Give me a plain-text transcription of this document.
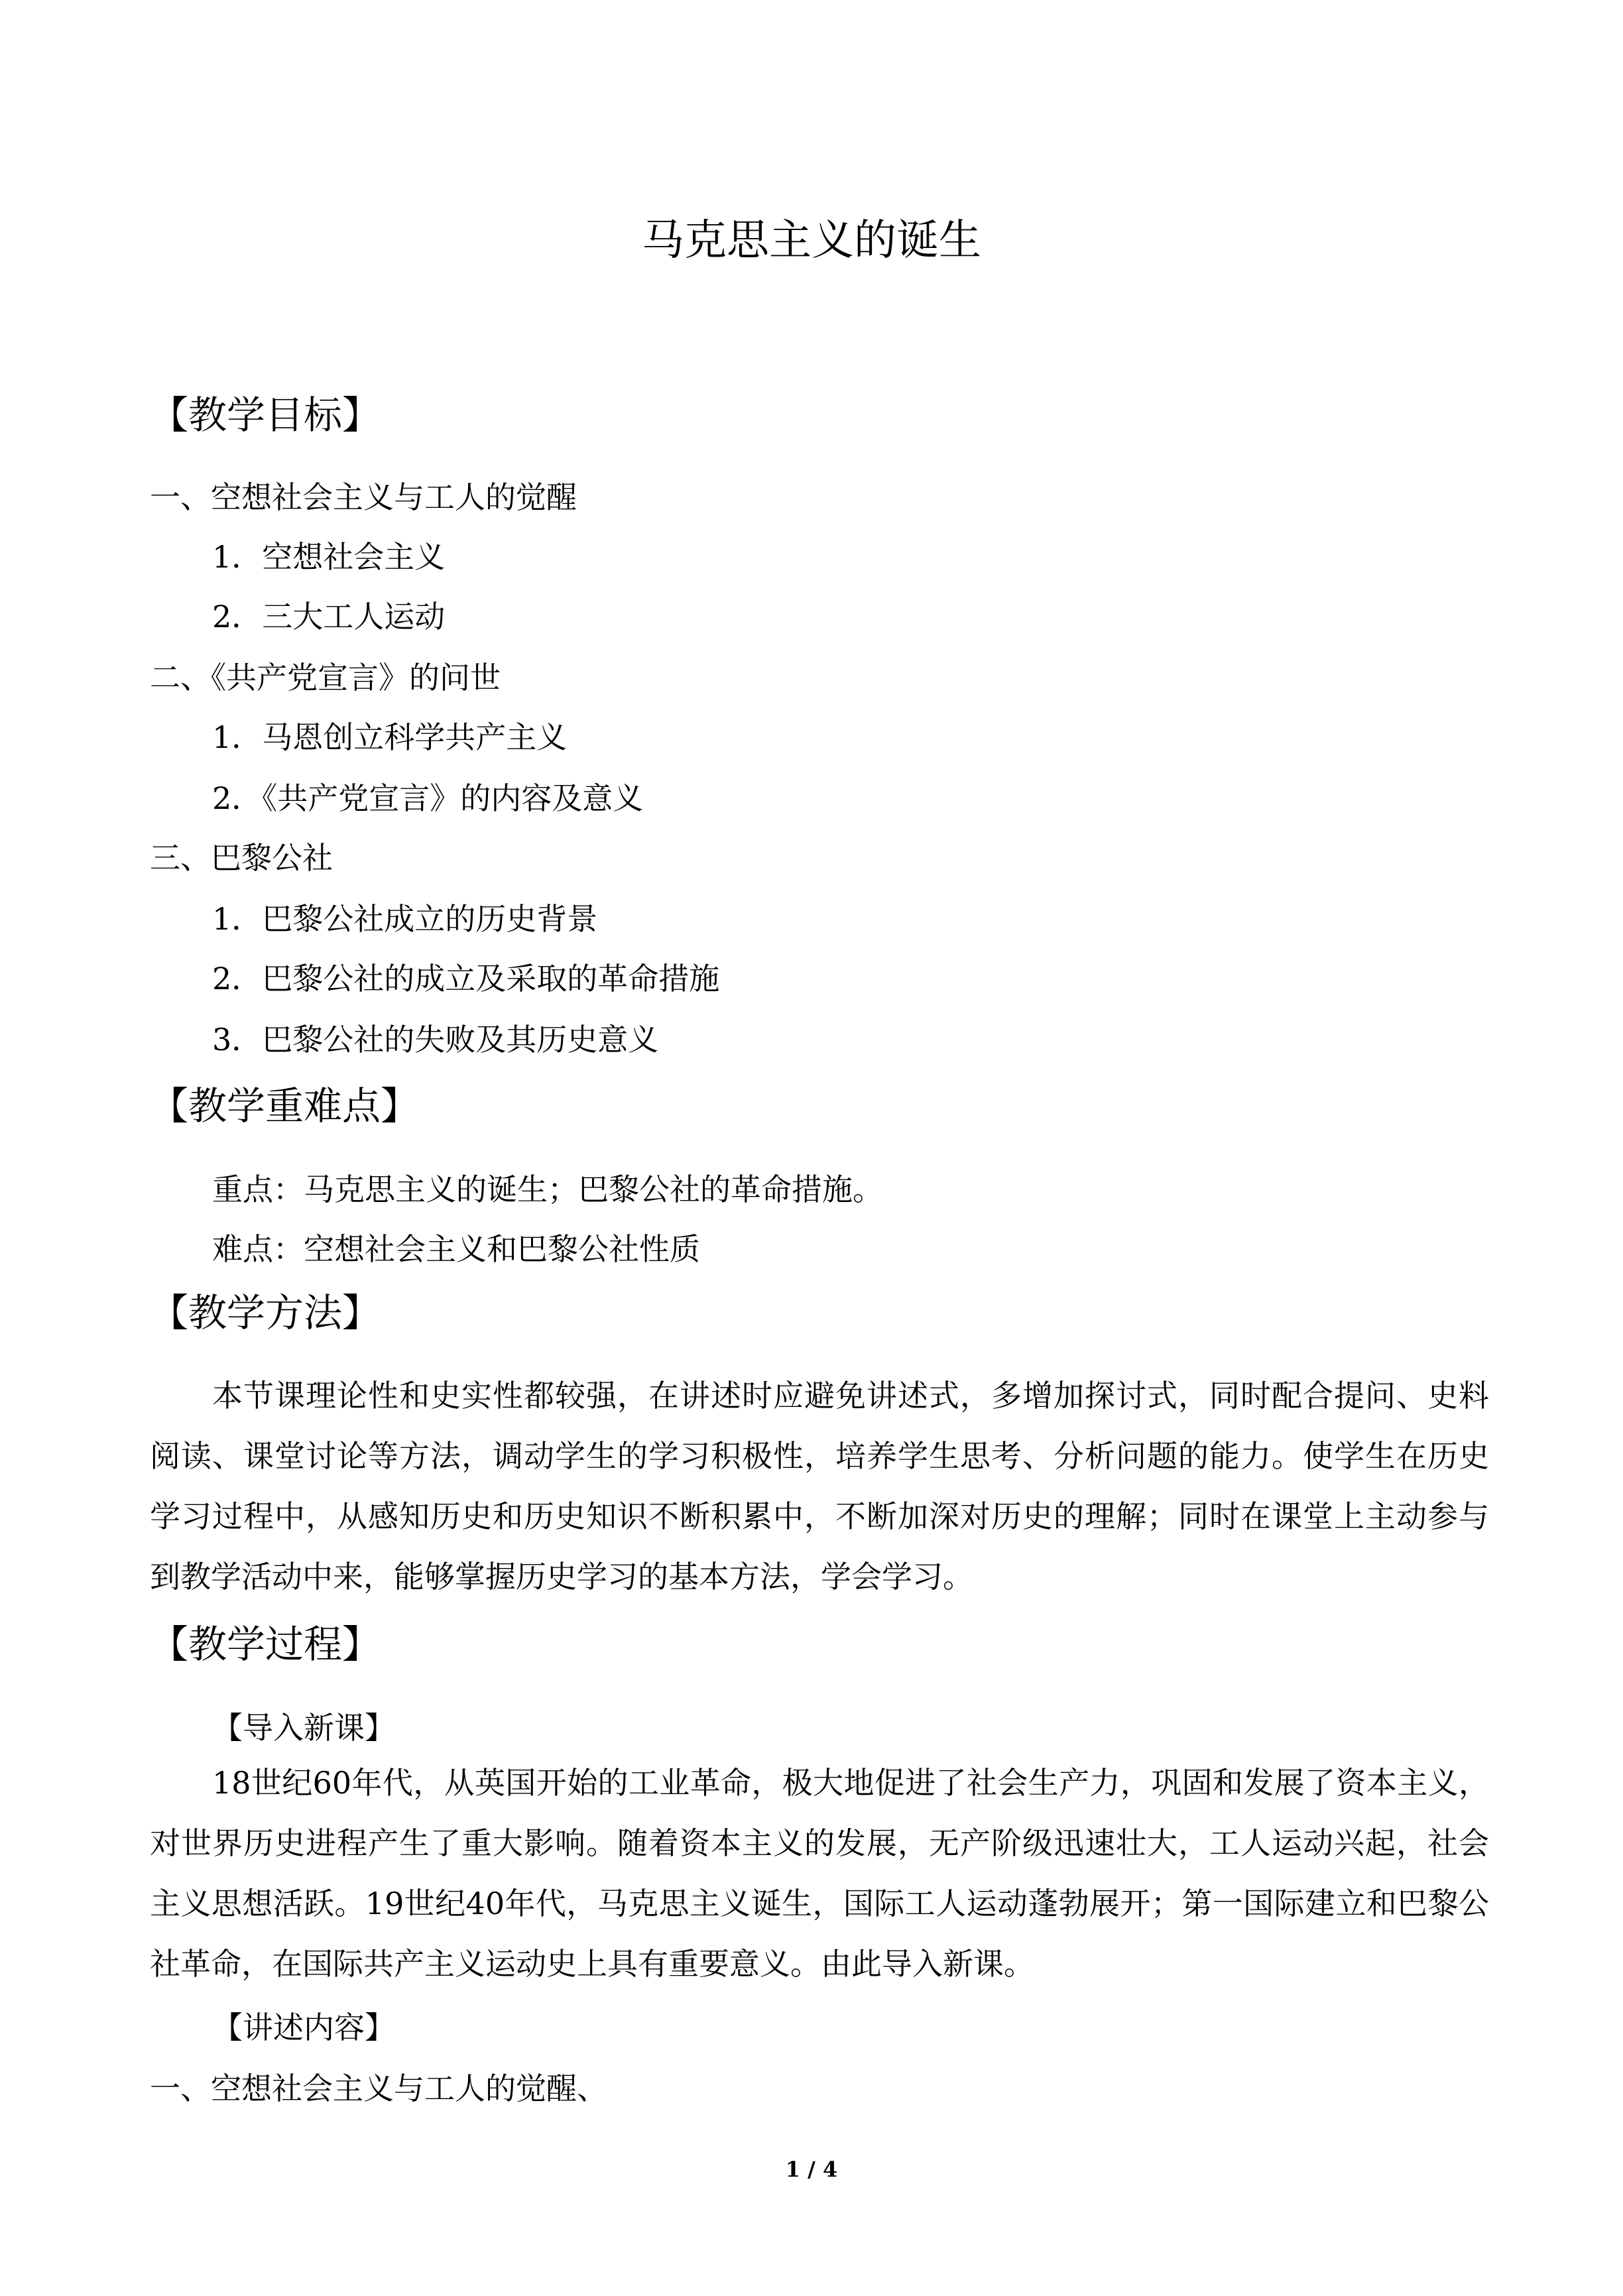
马克思主义的诞生
【教学目标】
一、空想社会主义与工人的觉醒
1．空想社会主义
2．三大工人运动
二、《共产党宣言》的问世
1．马恩创立科学共产主义
2．《共产党宣言》的内容及意义
三、巴黎公社
1．巴黎公社成立的历史背景
2．巴黎公社的成立及采取的革命措施
3．巴黎公社的失败及其历史意义
【教学重难点】
重点：马克思主义的诞生；巴黎公社的革命措施。
难点：空想社会主义和巴黎公社性质
【教学方法】
本节课理论性和史实性都较强，在讲述时应避免讲述式，多增加探讨式，同时配合提问、史料阅读、课堂讨论等方法，调动学生的学习积极性，培养学生思考、分析问题的能力。使学生在历史学习过程中，从感知历史和历史知识不断积累中，不断加深对历史的理解；同时在课堂上主动参与到教学活动中来，能够掌握历史学习的基本方法，学会学习。
【教学过程】
【导入新课】
18世纪60年代，从英国开始的工业革命，极大地促进了社会生产力，巩固和发展了资本主义，对世界历史进程产生了重大影响。随着资本主义的发展，无产阶级迅速壮大，工人运动兴起，社会主义思想活跃。19世纪40年代，马克思主义诞生，国际工人运动蓬勃展开；第一国际建立和巴黎公社革命，在国际共产主义运动史上具有重要意义。由此导入新课。
【讲述内容】
一、空想社会主义与工人的觉醒、
1 / 4
